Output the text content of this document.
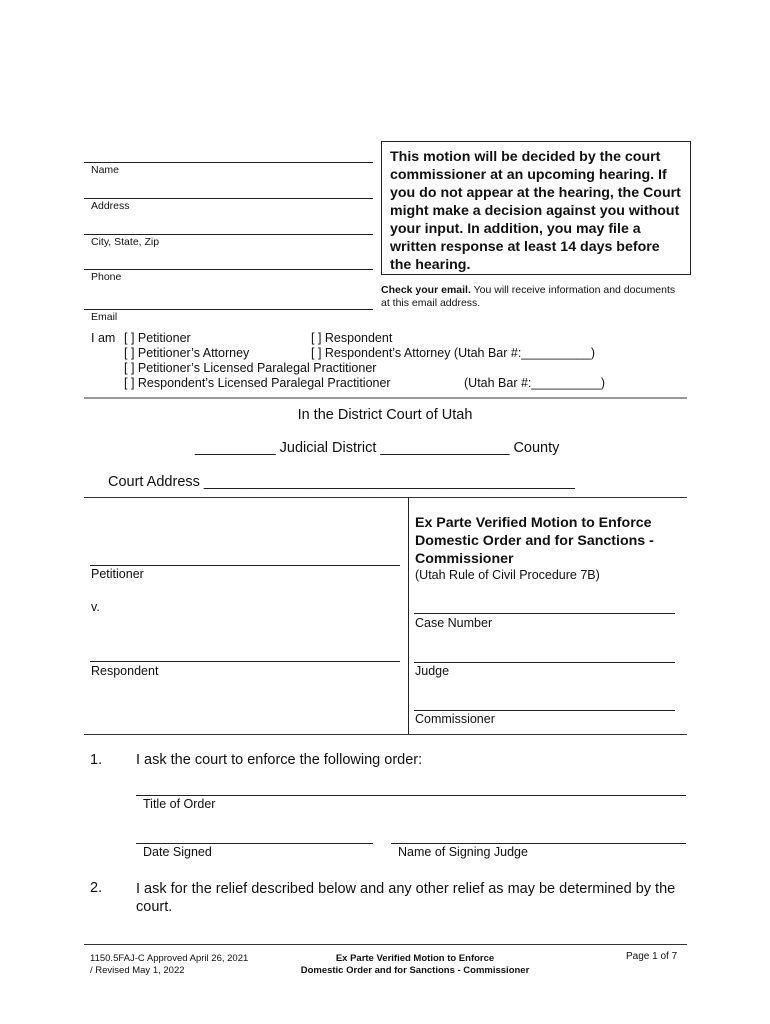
Name
Address
City, State, Zip
Phone
Email
This motion will be decided by the court commissioner at an upcoming hearing. If you do not appear at the hearing, the Court might make a decision against you without your input. In addition, you may file a written response at least 14 days before the hearing.
Check your email. You will receive information and documents at this email address.
I am [ ] Petitioner
[ ] Petitioner’s Attorney
[ ] Petitioner’s Licensed Paralegal Practitioner
[ ] Respondent’s Licensed Paralegal Practitioner
[ ] Respondent
[ ] Respondent’s Attorney (Utah Bar #:__________)
(Utah Bar #:__________)
In the District Court of Utah
__________ Judicial District ________________ County
Court Address ______________________________________________
Petitioner
v.
Respondent
Ex Parte Verified Motion to Enforce Domestic Order and for Sanctions - Commissioner
(Utah Rule of Civil Procedure 7B)
Case Number
Judge
Commissioner
1. I ask the court to enforce the following order:
Title of Order
Date Signed	Name of Signing Judge
2. I ask for the relief described below and any other relief as may be determined by the court.
1150.5FAJ-C Approved April 26, 2021
/ Revised May 1, 2022
Ex Parte Verified Motion to Enforce
Domestic Order and for Sanctions - Commissioner
Page 1 of 7
